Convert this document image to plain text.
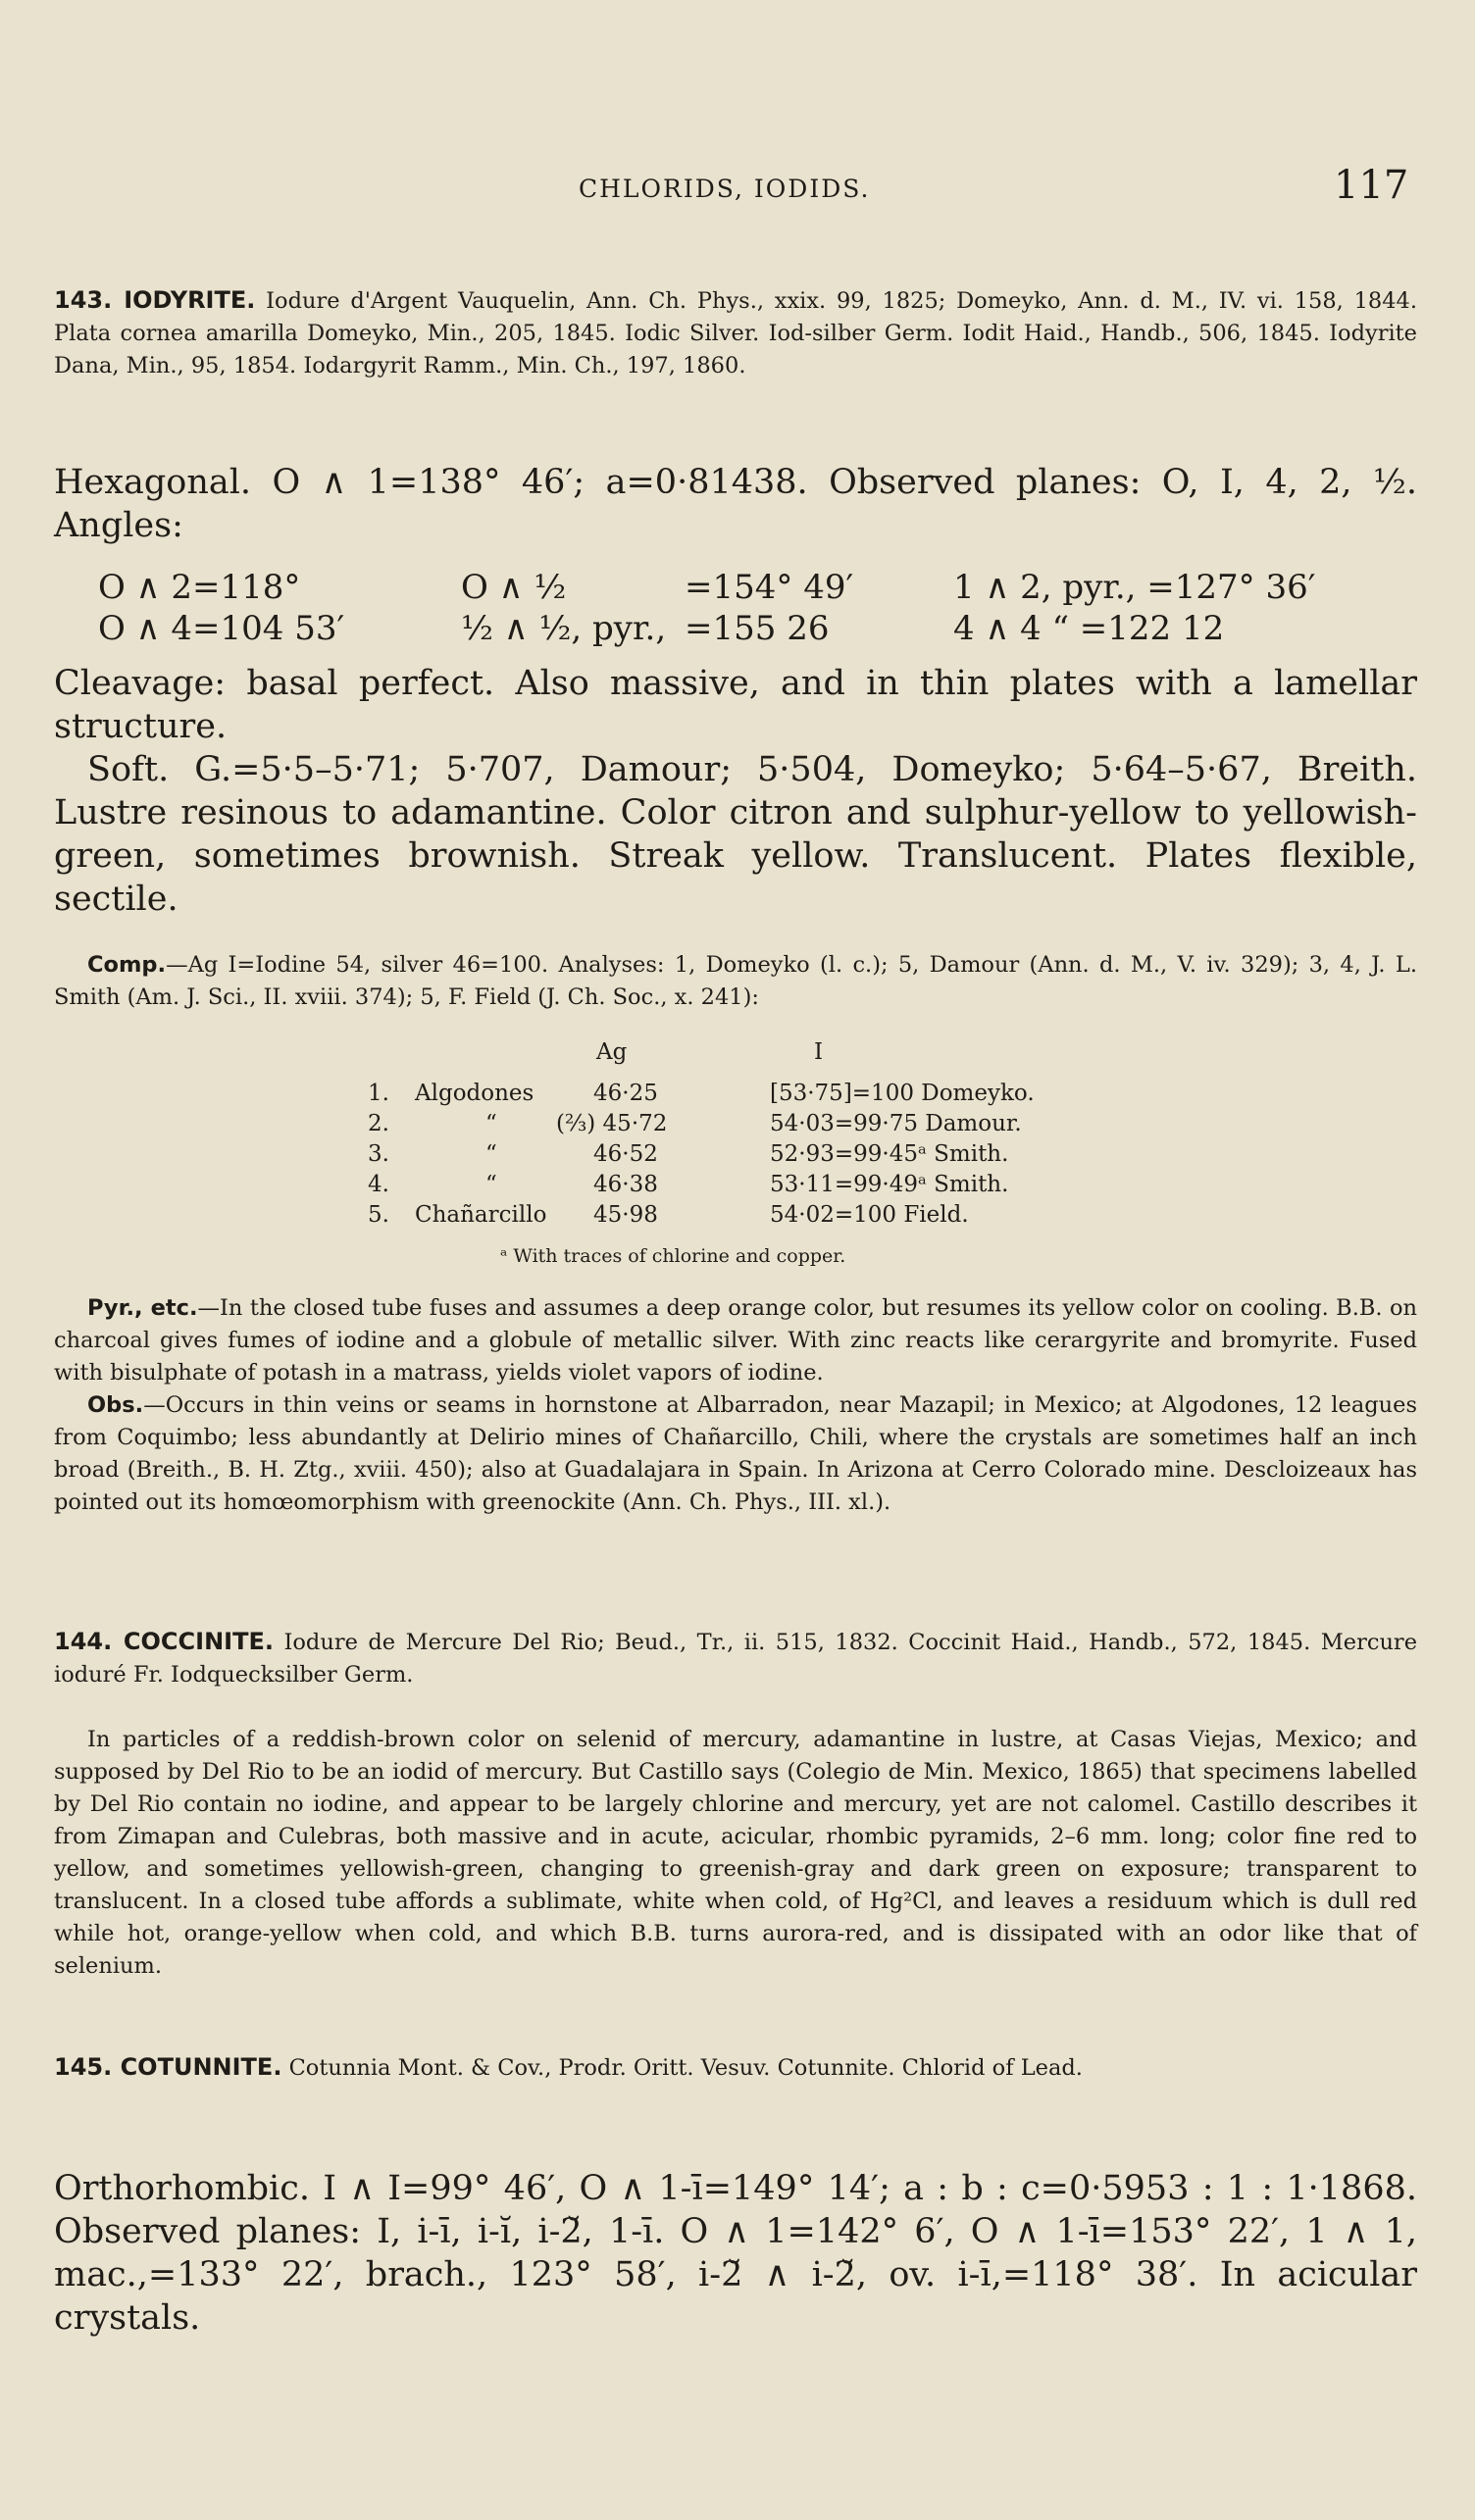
CHLORIDS, IODIDS.	117

143. IODYRITE. Iodure d'Argent Vauquelin, Ann. Ch. Phys., xxix. 99, 1825; Domeyko, Ann. d. M., IV. vi. 158, 1844. Plata cornea amarilla Domeyko, Min., 205, 1845. Iodic Silver. Iod-silber Germ. Iodit Haid., Handb., 506, 1845. Iodyrite Dana, Min., 95, 1854. Iodargyrit Ramm., Min. Ch., 197, 1860.

Hexagonal. O ∧ 1=138° 46′; a=0·81438. Observed planes: O, I, 4, 2, ½. Angles:

O ∧ 2=118°	O ∧ ½	=154° 49′	1 ∧ 2, pyr., =127° 36′
O ∧ 4=104 53′	½ ∧ ½, pyr., =155 26	4 ∧ 4 “ =122 12

Cleavage: basal perfect. Also massive, and in thin plates with a lamellar structure.

Soft. G.=5·5–5·71; 5·707, Damour; 5·504, Domeyko; 5·64–5·67, Breith. Lustre resinous to adamantine. Color citron and sulphur-yellow to yellowish-green, sometimes brownish. Streak yellow. Translucent. Plates flexible, sectile.

Comp.—Ag I=Iodine 54, silver 46=100. Analyses: 1, Domeyko (l. c.); 5, Damour (Ann. d. M., V. iv. 329); 3, 4, J. L. Smith (Am. J. Sci., II. xviii. 374); 5, F. Field (J. Ch. Soc., x. 241):

Ag	I
1. Algodones	46·25	[53·75]=100 Domeyko.
2.	“	(⅔) 45·72	54·03=99·75 Damour.
3.	“	46·52	52·93=99·45ᵃ Smith.
4.	“	46·38	53·11=99·49ᵃ Smith.
5. Chañarcillo 45·98	54·02=100 Field.
ᵃ With traces of chlorine and copper.

Pyr., etc.—In the closed tube fuses and assumes a deep orange color, but resumes its yellow color on cooling. B.B. on charcoal gives fumes of iodine and a globule of metallic silver. With zinc reacts like cerargyrite and bromyrite. Fused with bisulphate of potash in a matrass, yields violet vapors of iodine.

Obs.—Occurs in thin veins or seams in hornstone at Albarradon, near Mazapil; in Mexico; at Algodones, 12 leagues from Coquimbo; less abundantly at Delirio mines of Chañarcillo, Chili, where the crystals are sometimes half an inch broad (Breith., B. H. Ztg., xviii. 450); also at Guadalajara in Spain. In Arizona at Cerro Colorado mine. Descloizeaux has pointed out its homœomorphism with greenockite (Ann. Ch. Phys., III. xl.).

144. COCCINITE. Iodure de Mercure Del Rio; Beud., Tr., ii. 515, 1832. Coccinit Haid., Handb., 572, 1845. Mercure ioduré Fr. Iodquecksilber Germ.

In particles of a reddish-brown color on selenid of mercury, adamantine in lustre, at Casas Viejas, Mexico; and supposed by Del Rio to be an iodid of mercury. But Castillo says (Colegio de Min. Mexico, 1865) that specimens labelled by Del Rio contain no iodine, and appear to be largely chlorine and mercury, yet are not calomel. Castillo describes it from Zimapan and Culebras, both massive and in acute, acicular, rhombic pyramids, 2–6 mm. long; color fine red to yellow, and sometimes yellowish-green, changing to greenish-gray and dark green on exposure; transparent to translucent. In a closed tube affords a sublimate, white when cold, of Hg²Cl, and leaves a residuum which is dull red while hot, orange-yellow when cold, and which B.B. turns aurora-red, and is dissipated with an odor like that of selenium.

145. COTUNNITE. Cotunnia Mont. & Cov., Prodr. Oritt. Vesuv. Cotunnite. Chlorid of Lead.

Orthorhombic. I ∧ I=99° 46′, O ∧ 1-ī=149° 14′; a : b : c=0·5953 : 1 : 1·1868. Observed planes: I, i-ī, i-ĭ, i-2̆, 1-ī. O ∧ 1=142° 6′, O ∧ 1-ī=153° 22′, 1 ∧ 1, mac.,=133° 22′, brach., 123° 58′, i-2̆ ∧ i-2̆, ov. i-ī,=118° 38′. In acicular crystals.
